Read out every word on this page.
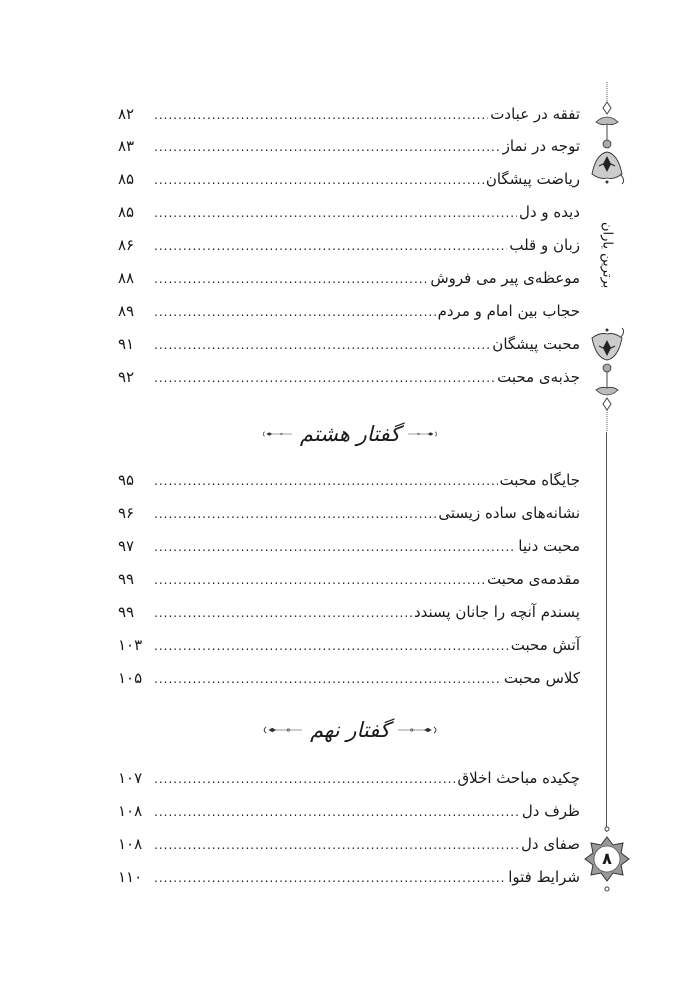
تفقه در عبادت
.....
۸۲
توجه در نماز
.....
۸۳
ریاضت پیشگان
.....
۸۵
دیده و دل
.....
۸۵
زبان و قلب
.....
۸۶
موعظه‌ی پیر می فروش
.....
۸۸
حجاب بین امام و مردم
.....
۸۹
محبت پیشگان
.....
۹۱
جذبه‌ی محبت
.....
۹۲
گفتار هشتم
جایگاه محبت
.....
۹۵
نشانه‌های ساده زیستی
.....
۹۶
محبت دنیا
.....
۹۷
مقدمه‌ی محبت
.....
۹۹
پسندم آنچه را جانان پسندد
.....
۹۹
آتش محبت
.....
۱۰۳
کلاس محبت
.....
۱۰۵
گفتار نهم
چکیده مباحث اخلاق
.....
۱۰۷
ظرف دل
.....
۱۰۸
صفای دل
.....
۱۰۸
شرایط فتوا
.....
۱۱۰
برترین یاران
۸
